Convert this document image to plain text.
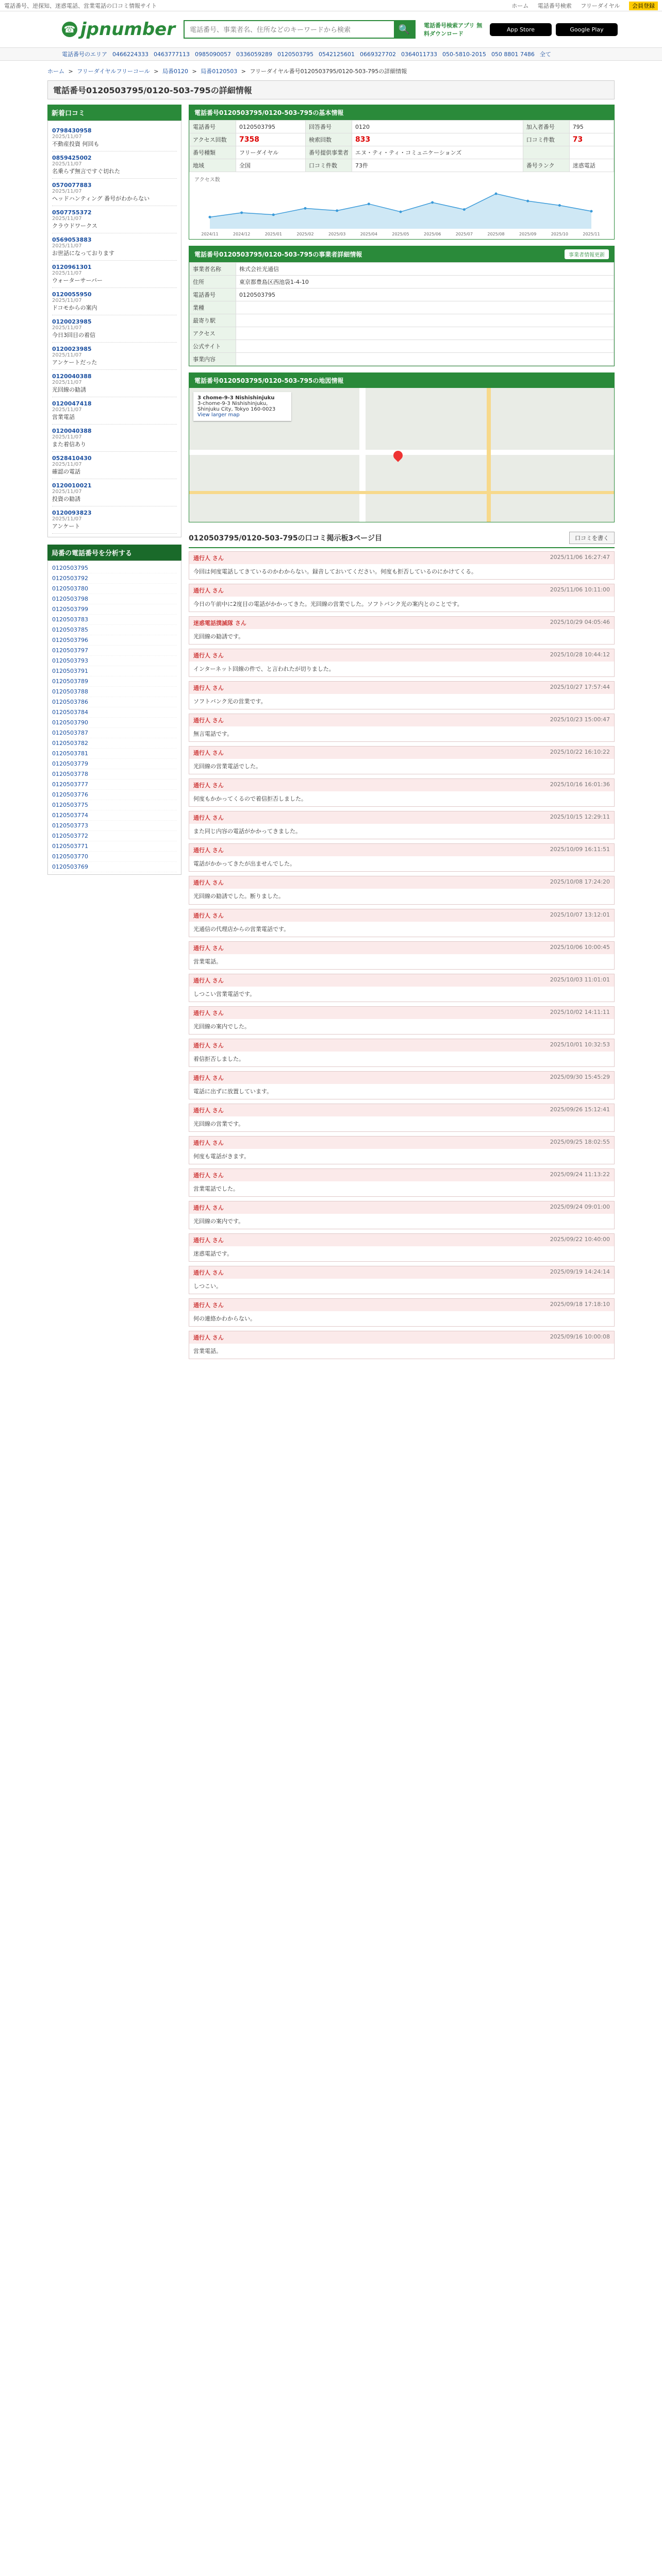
電話番号、逆探知、迷惑電話、営業電話の口コミ情報サイト	ホーム 電話番号検索 フリーダイヤル 会員登録
☎ jpnumber
電話番号、事業者名、住所などのキーワードから検索	🔍 電話番号検索アプリ 無料ダウンロード
App Store	Google Play
電話番号のエリア 0466224333 0463777113 0985090057 0336059289 0120503795 0542125601 0669327702 0364011733 050-5810-2015 050 8801 7486 全て
ホーム > フリーダイヤルフリーコール > 局番0120 > 局番0120503 > フリーダイヤル番号0120503795/0120-503-795の詳細情報
電話番号0120503795/0120-503-795の詳細情報
新着口コミ
0798430958
2025/11/07
不動産投資 何回も
0859425002
2025/11/07
名乗らず無言ですぐ切れた
0570077883
2025/11/07
ヘッドハンティング 番号がわからない
0507755372
2025/11/07
クラウドワークス
0569053883
2025/11/07
お世話になっております
0120961301
2025/11/07
ウォーターサーバー
0120055950
2025/11/07
ドコモからの案内
0120023985
2025/11/07
今日3回目の着信
0120023985
2025/11/07
アンケートだった
0120040388
2025/11/07
光回線の勧誘
0120047418
2025/11/07
営業電話
0120040388
2025/11/07
また着信あり
0528410430
2025/11/07
確認の電話
0120010021
2025/11/07
投資の勧誘
0120093823
2025/11/07
アンケート
局番の電話番号を分析する
0120503795
0120503792
0120503780
0120503798
0120503799
0120503783
0120503785
0120503796
0120503797
0120503793
0120503791
0120503789
0120503788
0120503786
0120503784
0120503790
0120503787
0120503782
0120503781
0120503779
0120503778
0120503777
0120503776
0120503775
0120503774
0120503773
0120503772
0120503771
0120503770
0120503769
電話番号0120503795/0120-503-795の基本情報
電話番号	0120503795	回答番号	0120	加入者番号	795
アクセス回数	7358	検索回数	833	口コミ件数	73
番号種類	フリーダイヤル	番号提供事業者	エヌ・ティ・ティ・コミュニケーションズ		
地域	全国	口コミ件数	73件	番号ランク	迷惑電話
アクセス数
2024/11	2024/12	2025/01	2025/02	2025/03	2025/04	2025/05	2025/06	2025/07	2025/08	2025/09	2025/10	2025/11
電話番号0120503795/0120-503-795の事業者詳細情報	事業者情報更新
事業者名称	株式会社光通信
住所	東京都豊島区西池袋1-4-10
電話番号	0120503795
業種	
最寄り駅	
アクセス	
公式サイト	
事業内容	
電話番号0120503795/0120-503-795の地図情報
3 chome-9-3 Nishishinjuku
3-chome-9-3 Nishishinjuku, Shinjuku City, Tokyo 160-0023
View larger map
0120503795/0120-503-795の口コミ掲示板3ページ目	口コミを書く
通行人 さん	2025/11/06 16:27:47
今回は何度電話してきているのかわからない。録音しておいてください。何度も拒否しているのにかけてくる。
通行人 さん	2025/11/06 10:11:00
今日の午前中に2度目の電話がかかってきた。光回線の営業でした。ソフトバンク光の案内とのことです。
迷惑電話撲滅隊 さん	2025/10/29 04:05:46
光回線の勧誘です。
通行人 さん	2025/10/28 10:44:12
インターネット回線の件で、と言われたが切りました。
通行人 さん	2025/10/27 17:57:44
ソフトバンク光の営業です。
通行人 さん	2025/10/23 15:00:47
無言電話です。
通行人 さん	2025/10/22 16:10:22
光回線の営業電話でした。
通行人 さん	2025/10/16 16:01:36
何度もかかってくるので着信拒否しました。
通行人 さん	2025/10/15 12:29:11
また同じ内容の電話がかかってきました。
通行人 さん	2025/10/09 16:11:51
電話がかかってきたが出ませんでした。
通行人 さん	2025/10/08 17:24:20
光回線の勧誘でした。断りました。
通行人 さん	2025/10/07 13:12:01
光通信の代理店からの営業電話です。
通行人 さん	2025/10/06 10:00:45
営業電話。
通行人 さん	2025/10/03 11:01:01
しつこい営業電話です。
通行人 さん	2025/10/02 14:11:11
光回線の案内でした。
通行人 さん	2025/10/01 10:32:53
着信拒否しました。
通行人 さん	2025/09/30 15:45:29
電話に出ずに放置しています。
通行人 さん	2025/09/26 15:12:41
光回線の営業です。
通行人 さん	2025/09/25 18:02:55
何度も電話がきます。
通行人 さん	2025/09/24 11:13:22
営業電話でした。
通行人 さん	2025/09/24 09:01:00
光回線の案内です。
通行人 さん	2025/09/22 10:40:00
迷惑電話です。
通行人 さん	2025/09/19 14:24:14
しつこい。
通行人 さん	2025/09/18 17:18:10
何の連絡かわからない。
通行人 さん	2025/09/16 10:00:08
営業電話。
